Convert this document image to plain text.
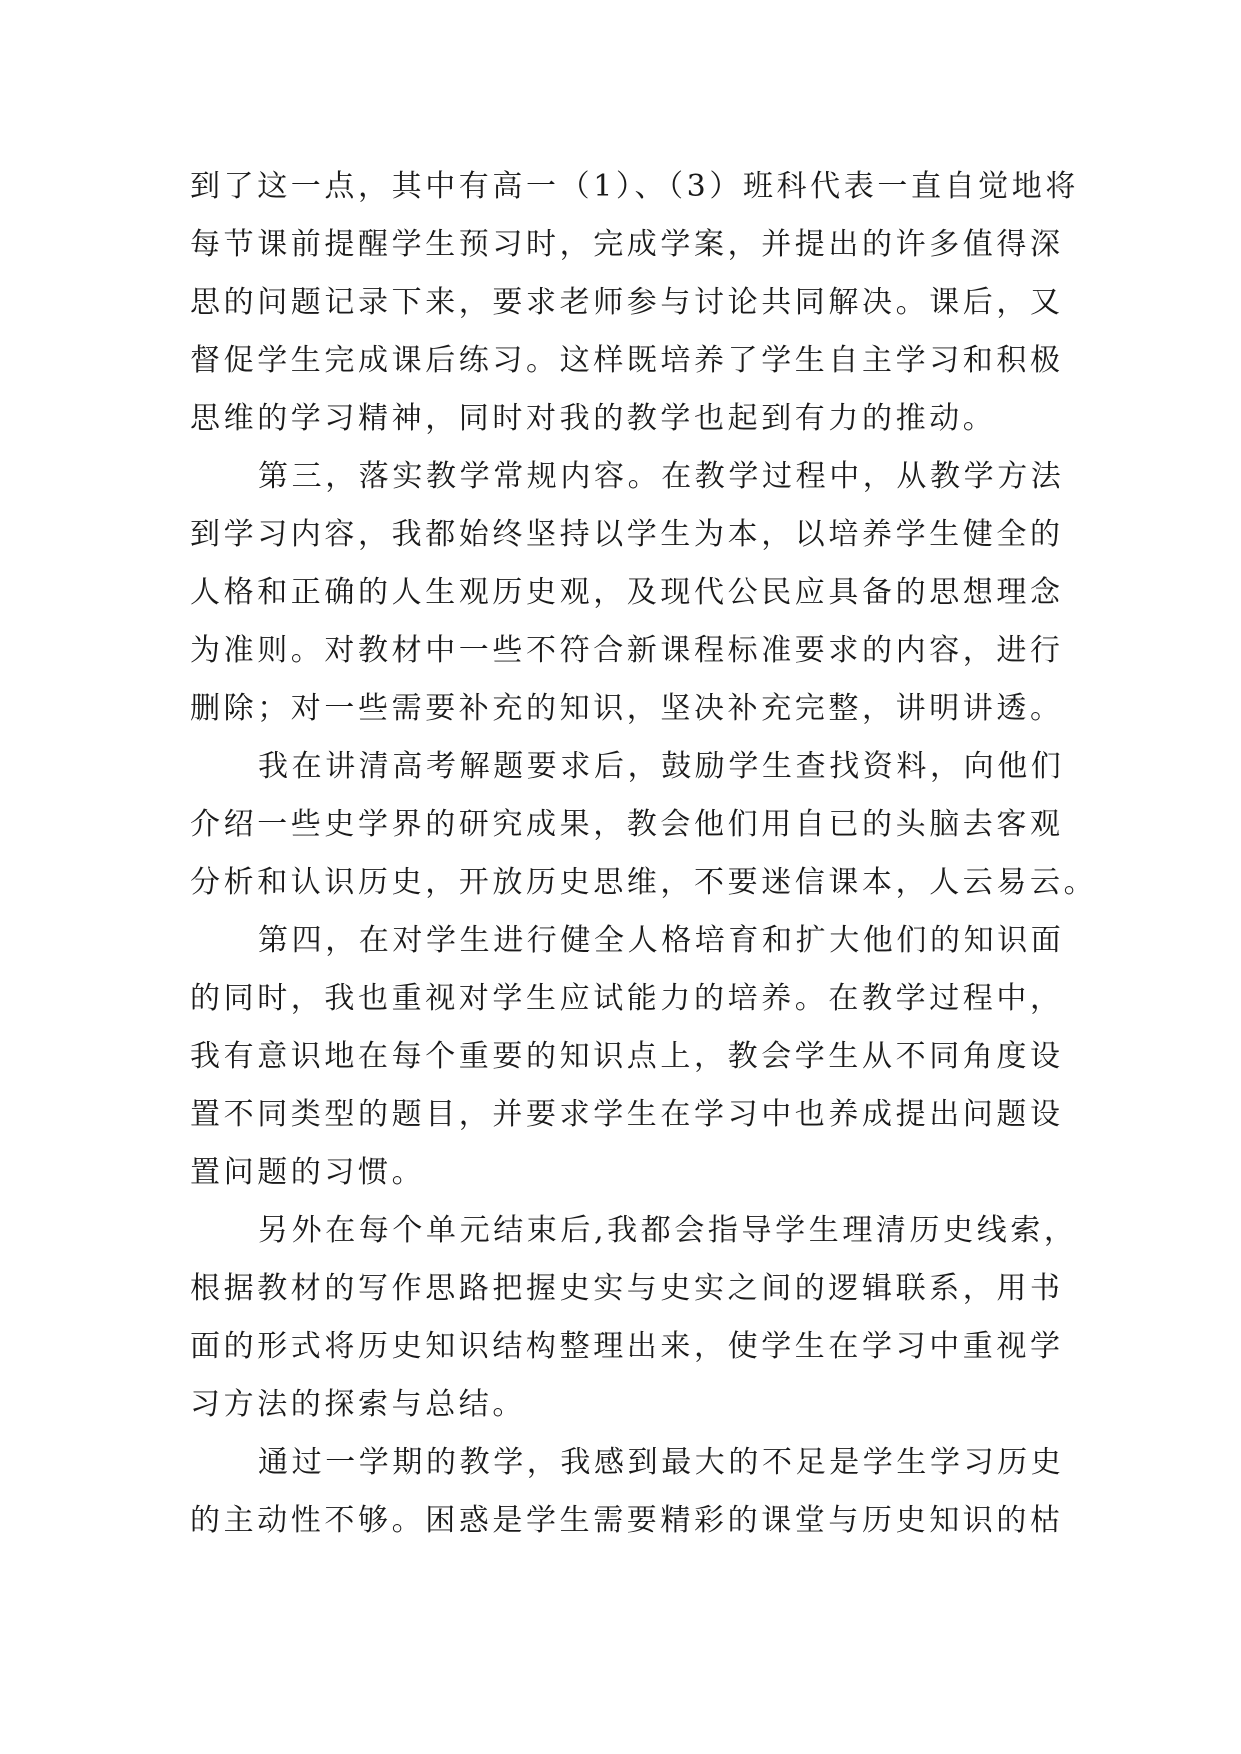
到了这一点，其中有高一（1）、（3）班科代表一直自觉地将
每节课前提醒学生预习时，完成学案，并提出的许多值得深
思的问题记录下来，要求老师参与讨论共同解决。课后，又
督促学生完成课后练习。这样既培养了学生自主学习和积极
思维的学习精神，同时对我的教学也起到有力的推动。
第三，落实教学常规内容。在教学过程中，从教学方法
到学习内容，我都始终坚持以学生为本，以培养学生健全的
人格和正确的人生观历史观，及现代公民应具备的思想理念
为准则。对教材中一些不符合新课程标准要求的内容，进行
删除；对一些需要补充的知识，坚决补充完整，讲明讲透。
我在讲清高考解题要求后，鼓励学生查找资料，向他们
介绍一些史学界的研究成果，教会他们用自已的头脑去客观
分析和认识历史，开放历史思维，不要迷信课本，人云易云。
第四，在对学生进行健全人格培育和扩大他们的知识面
的同时，我也重视对学生应试能力的培养。在教学过程中，
我有意识地在每个重要的知识点上，教会学生从不同角度设
置不同类型的题目，并要求学生在学习中也养成提出问题设
置问题的习惯。
另外在每个单元结束后,我都会指导学生理清历史线索，
根据教材的写作思路把握史实与史实之间的逻辑联系，用书
面的形式将历史知识结构整理出来，使学生在学习中重视学
习方法的探索与总结。
通过一学期的教学，我感到最大的不足是学生学习历史
的主动性不够。困惑是学生需要精彩的课堂与历史知识的枯
